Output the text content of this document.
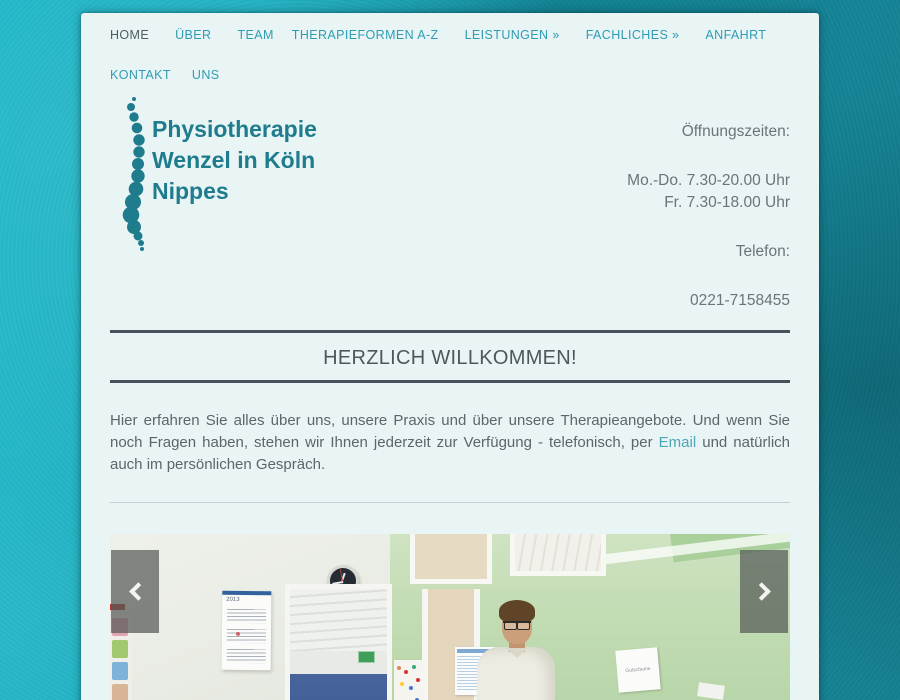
HOME ÜBER TEAM THERAPIEFORMEN A-Z LEISTUNGEN » FACHLICHES » ANFAHRT
KONTAKT UNS
Physiotherapie
Wenzel in Köln
Nippes
Öffnungszeiten:
Mo.-Do. 7.30-20.00 Uhr
Fr. 7.30-18.00 Uhr
Telefon:
0221-7158455
HERZLICH WILLKOMMEN!

Hier erfahren Sie alles über uns, unsere Praxis und über unsere Therapieangebote. Und wenn Sie noch Fragen haben, stehen wir Ihnen jederzeit zur Verfügung - telefonisch, per Email und natürlich auch im persönlichen Gespräch.

2013
Gutscheine
